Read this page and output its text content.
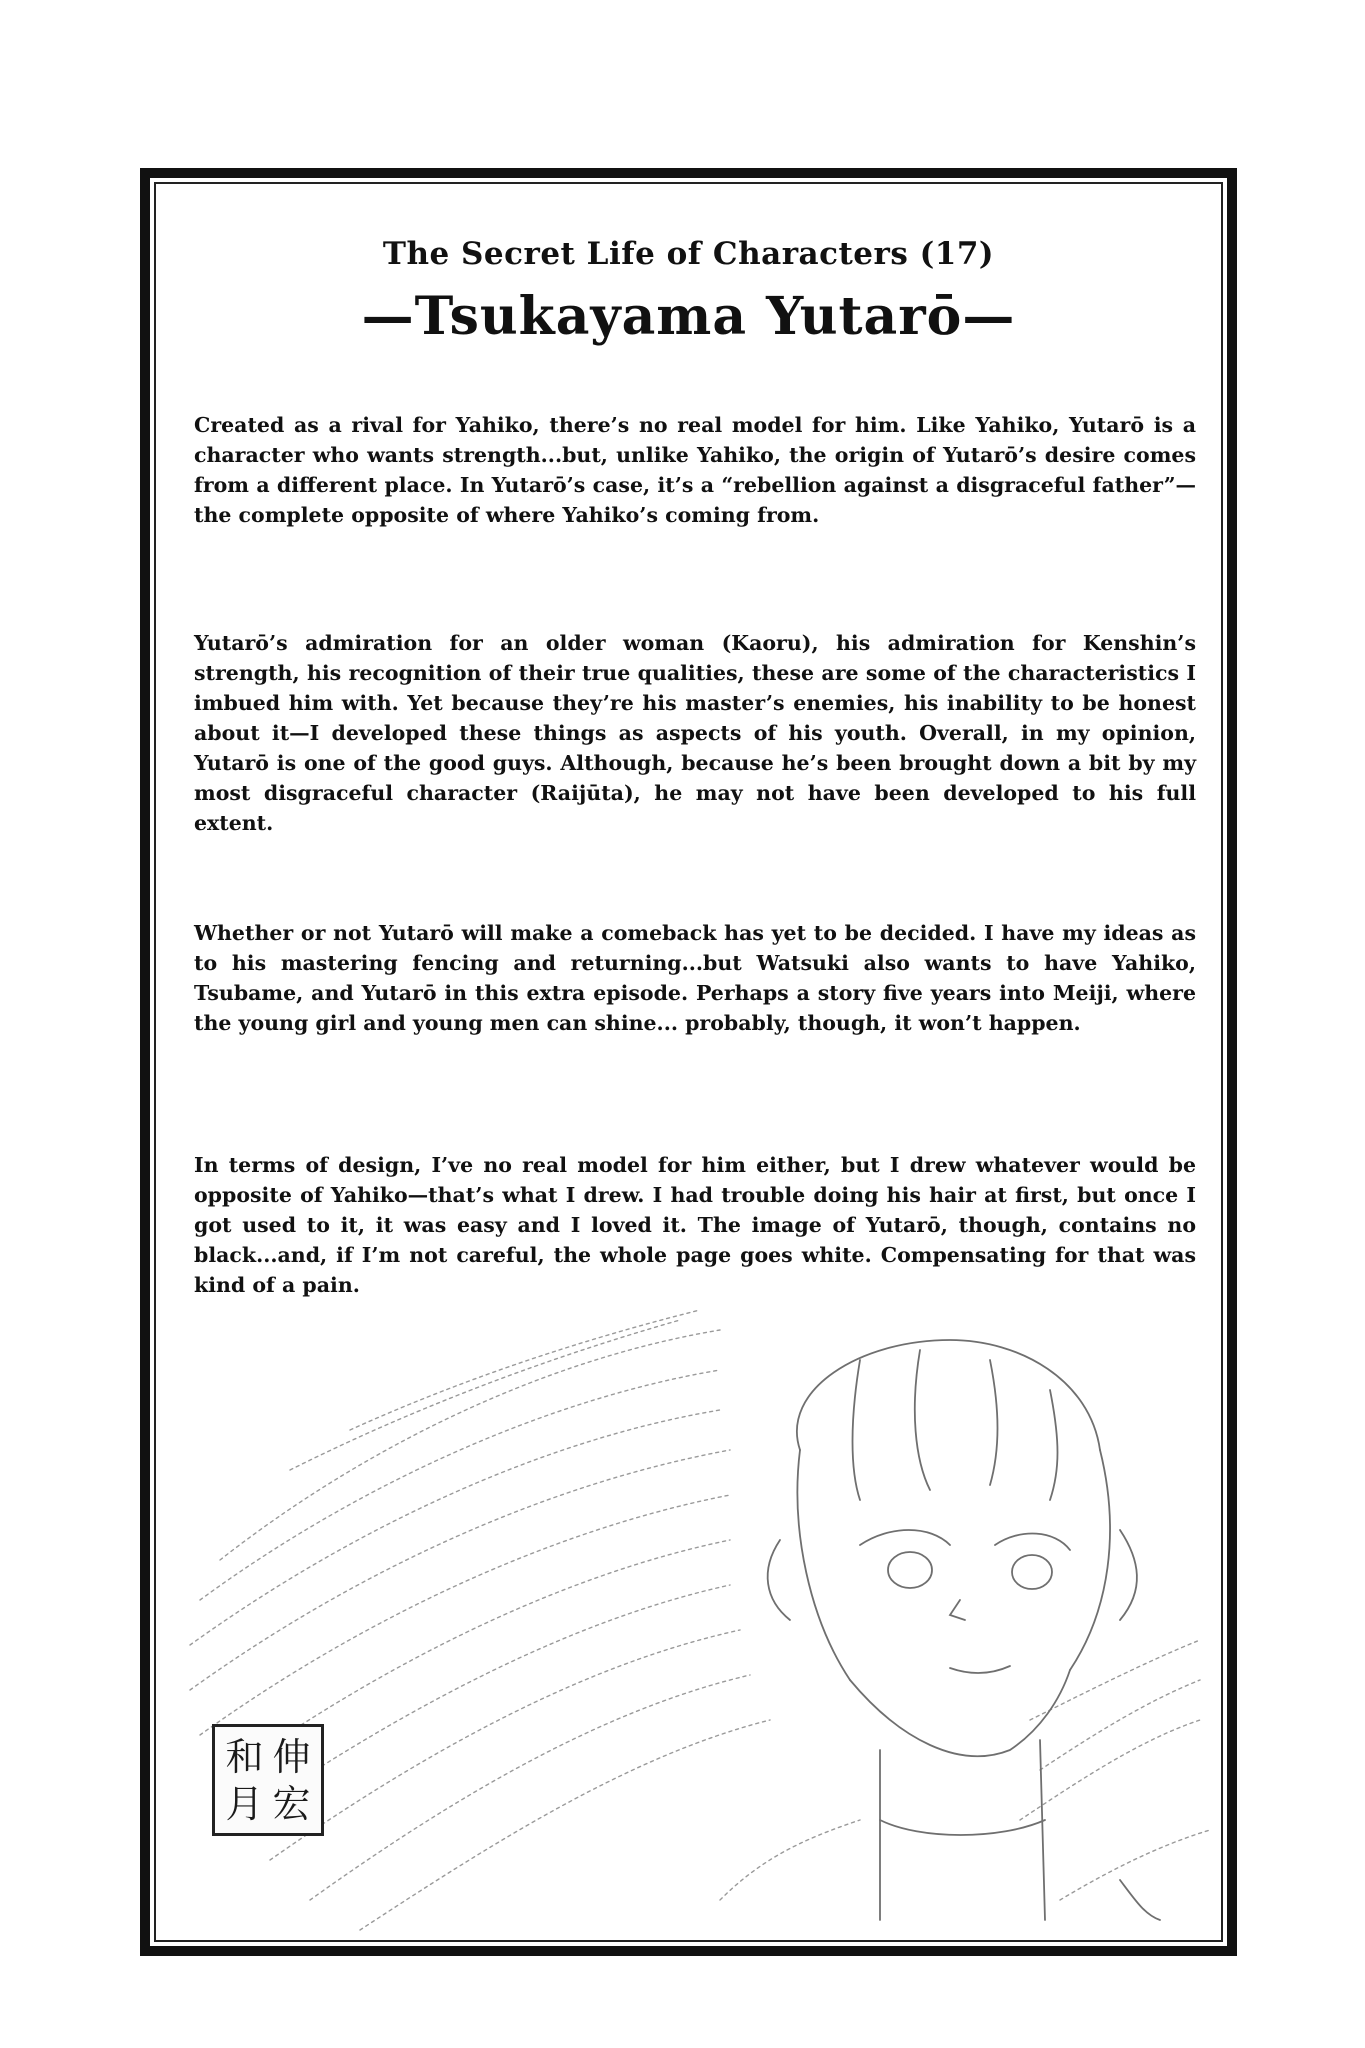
The Secret Life of Characters (17)
—Tsukayama Yutarō—

Created as a rival for Yahiko, there’s no real model for him. Like Yahiko, Yutarō is a character who wants strength...but, unlike Yahiko, the origin of Yutarō’s desire comes from a different place. In Yutarō’s case, it’s a “rebellion against a disgraceful father”—the complete opposite of where Yahiko’s coming from.

Yutarō’s admiration for an older woman (Kaoru), his admiration for Kenshin’s strength, his recognition of their true qualities, these are some of the characteristics I imbued him with. Yet because they’re his master’s enemies, his inability to be honest about it—I developed these things as aspects of his youth. Overall, in my opinion, Yutarō is one of the good guys. Although, because he’s been brought down a bit by my most disgraceful character (Raijūta), he may not have been developed to his full extent.

Whether or not Yutarō will make a comeback has yet to be decided. I have my ideas as to his mastering fencing and returning...but Watsuki also wants to have Yahiko, Tsubame, and Yutarō in this extra episode. Perhaps a story five years into Meiji, where the young girl and young men can shine... probably, though, it won’t happen.

In terms of design, I’ve no real model for him either, but I drew whatever would be opposite of Yahiko—that’s what I drew. I had trouble doing his hair at first, but once I got used to it, it was easy and I loved it. The image of Yutarō, though, contains no black...and, if I’m not careful, the whole page goes white. Compensating for that was kind of a pain.

和 伸
月 宏
